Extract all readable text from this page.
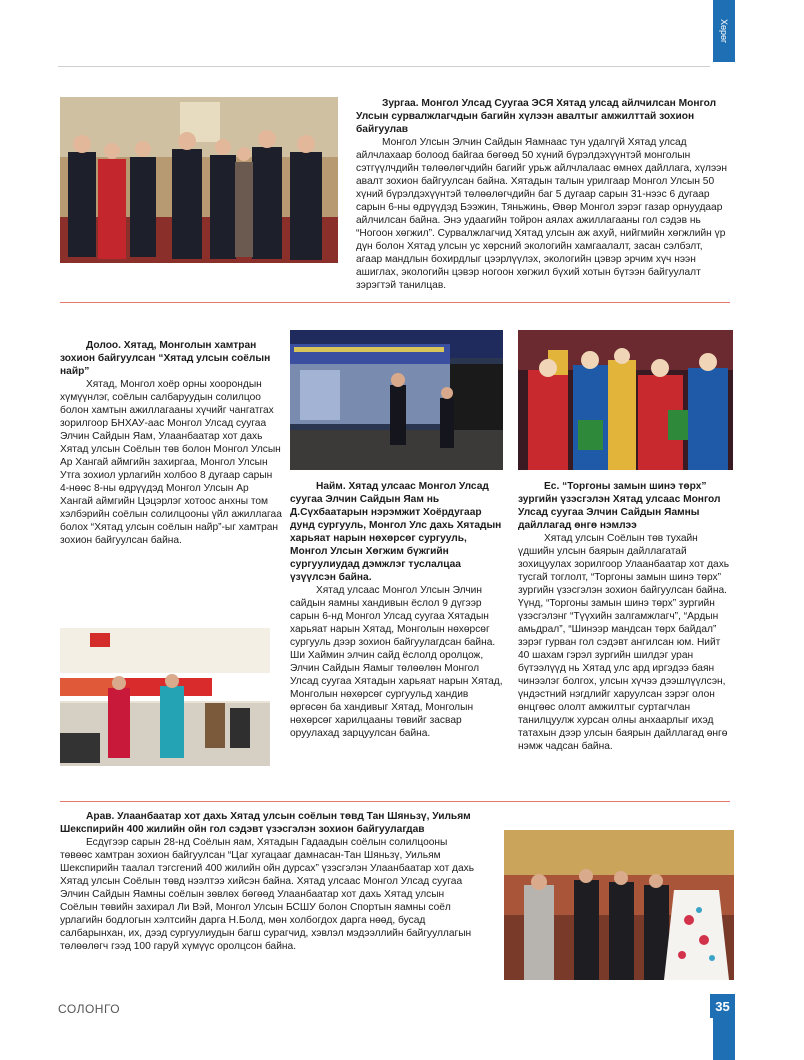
Хөрөг
Зургаа. Монгол Улсад Суугаа ЭСЯ Хятад улсад айлчилсан Монгол Улсын сурвалжлагчдын багийн хүлээн авалтыг амжилттай зохион байгуулав
Монгол Улсын Элчин Сайдын Яамнаас тун удалгүй Хятад улсад айлчлахаар болоод байгаа бөгөөд 50 хүний бүрэлдэхүүнтэй монголын сэтгүүлчдийн төлөөлөгчдийн багийг урьж айлчлалаас өмнөх дайллага, хүлээн авалт зохион байгуулсан байна. Хятадын талын урилгаар Монгол Улсын 50 хүний бүрэлдэхүүнтэй төлөөлөгчдийн баг 5 дугаар сарын 31-нээс 6 дугаар сарын 6-ны өдрүүдэд Бээжин, Тяньжинь, Өвөр Монгол зэрэг газар орнуудаар айлчилсан байна. Энэ удаагийн тойрон аялах ажиллагааны гол сэдэв нь “Ногоон хөгжил”. Сурвалжлагчид Хятад улсын аж ахуй, нийгмийн хөгжлийн үр дүн болон Хятад улсын ус хөрсний экологийн хамгаалалт, засан сэлбэлт, агаар мандлын бохирдлыг цээрлүүлэх, экологийн цэвэр эрчим хүч нээн ашиглах, экологийн цэвэр ногоон хөгжил бүхий хотын бүтээн байгуулалт зэрэгтэй танилцав.
Долоо. Хятад, Монголын хамтран зохион байгуулсан “Хятад улсын соёлын найр”
Хятад, Монгол хоёр орны хоорондын хүмүүнлэг, соёлын салбаруудын солилцоо болон хамтын ажиллагааны хүчийг чангатгах зорилгоор БНХАУ-аас Монгол Улсад суугаа Элчин Сайдын Яам, Улаанбаатар хот дахь Хятад улсын Соёлын төв болон Монгол Улсын Ар Хангай аймгийн захиргаа, Монгол Улсын Утга зохиол урлагийн холбоо 8 дугаар сарын 4-нөөс 8-ны өдрүүдэд Монгол Улсын Ар Хангай аймгийн Цэцэрлэг хотоос анхны том хэлбэрийн соёлын солилцооны үйл ажиллагаа болох “Хятад улсын соёлын найр”-ыг хамтран зохион байгуулсан байна.
Найм. Хятад улсаас Монгол Улсад суугаа Элчин Сайдын Яам нь Д.Сүхбаатарын нэрэмжит Хоёрдугаар дунд сургууль, Монгол Улс дахь Хятадын харьяат нарын нөхөрсөг сургууль, Монгол Улсын Хөгжим бүжгийн сургуулиудад дэмжлэг туслалцаа үзүүлсэн байна.
Хятад улсаас Монгол Улсын Элчин сайдын яамны хандивын ёслол 9 дүгээр сарын 6-нд Монгол Улсад суугаа Хятадын харьяат нарын Хятад, Монголын нөхөрсөг сургууль дээр зохион байгуулагдсан байна. Ши Хаймин элчин сайд ёслолд оролцож, Элчин Сайдын Яамыг төлөөлөн Монгол Улсад суугаа Хятадын харьяат нарын Хятад, Монголын нөхөрсөг сургуульд хандив өргөсөн ба хандивыг Хятад, Монголын нөхөрсөг харилцааны төвийг засвар оруулахад зарцуулсан байна.
Ес. “Торгоны замын шинэ төрх” зургийн үзэсгэлэн Хятад улсаас Монгол Улсад суугаа Элчин Сайдын Яамны дайллагад өнгө нэмлээ
Хятад улсын Соёлын төв тухайн үдшийн улсын баярын дайллагатай зохицуулах зорилгоор Улаанбаатар хот дахь тусгай тоглолт, “Торгоны замын шинэ төрх” зургийн үзэсгэлэн зохион байгуулсан байна. Үүнд, “Торгоны замын шинэ төрх” зургийн үзэсгэлэнг “Түүхийн залгамжлагч”, “Ардын амьдрал”, “Шинээр мандсан төрх байдал” зэрэг гурван гол сэдэвт ангилсан юм. Нийт 40 шахам гэрэл зургийн шилдэг уран бүтээлүүд нь Хятад улс ард иргэдээ баян чинээлэг болгох, улсын хүчээ дээшлүүлсэн, үндэстний нэгдлийг харуулсан зэрэг олон өнцгөөс ололт амжилтыг суртагчлан танилцуулж хурсан олны анхаарлыг ихэд татахын дээр улсын баярын дайллагад өнгө нэмж чадсан байна.
Арав. Улаанбаатар хот дахь Хятад улсын соёлын төвд Тан Шяньзү, Уильям Шекспирийн 400 жилийн ойн гол сэдэвт үзэсгэлэн зохион байгуулагдав
Есдүгээр сарын 28-нд Соёлын яам, Хятадын Гадаадын соёлын солилцооны төвөөс хамтран зохион байгуулсан “Цаг хугацааг дамнасан-Тан Шяньзү, Уильям Шекспирийн таалал тэгсгений 400 жилийн ойн дурсах” үзэсгэлэн Улаанбаатар хот дахь Хятад улсын Соёлын төвд нээлтээ хийсэн байна. Хятад улсаас Монгол Улсад суугаа Элчин Сайдын Яамны соёлын зөвлөх бөгөөд Улаанбаатар хот дахь Хятад улсын Соёлын төвийн захирал Ли Вэй, Монгол Улсын БСШУ болон Спортын яамны соёл урлагийн бодлогын хэлтсийн дарга Н.Болд, мөн холбогдох дарга нөөд, бусад салбарынхан, их, дээд сургуулиудын багш сурагчид, хэвлэл мэдээллийн байгууллагын төлөөлөгч гээд 100 гаруй хүмүүс оролцсон байна.
СОЛОНГО	35
